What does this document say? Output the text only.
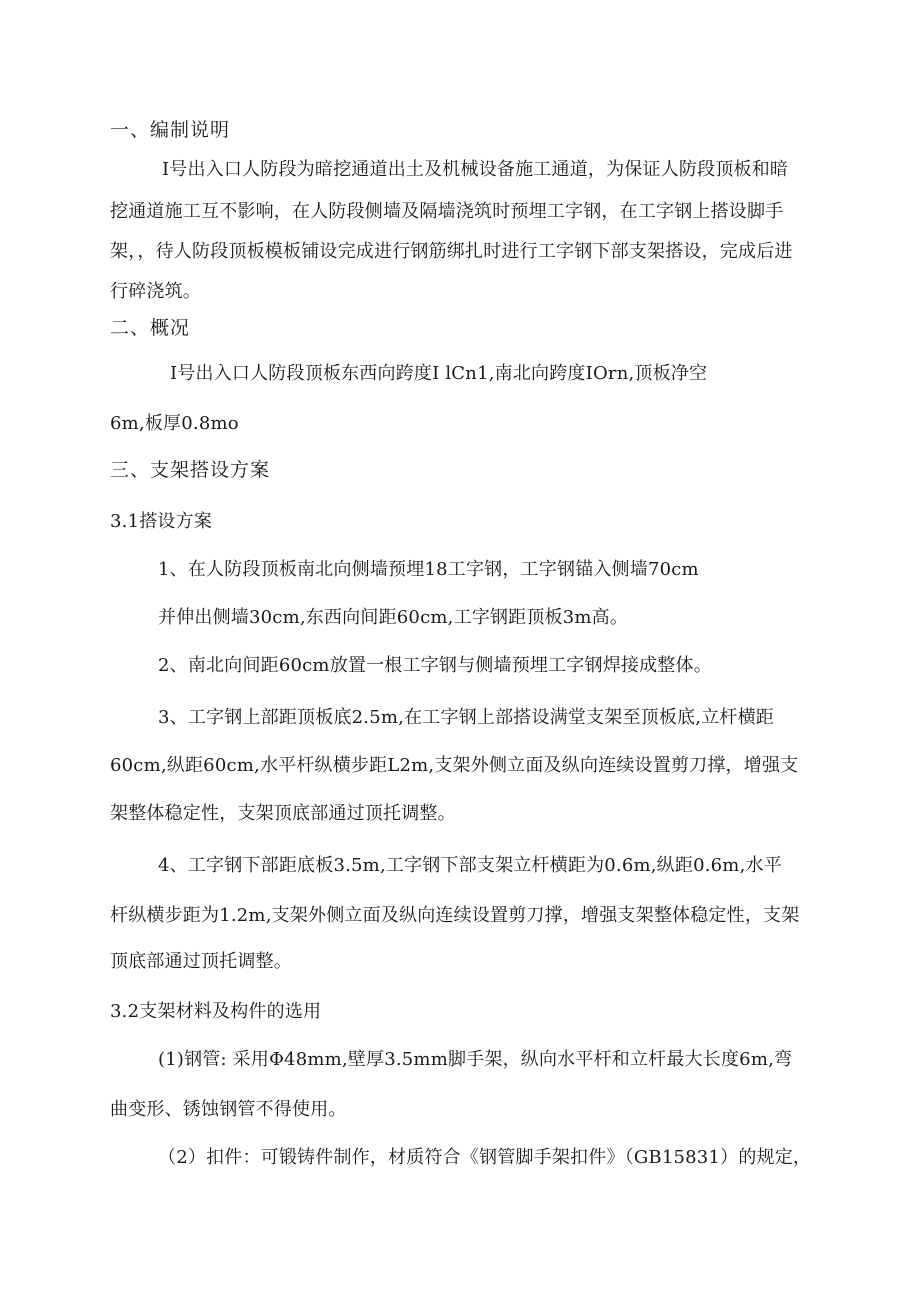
一、编制说明
Ⅰ号出入口人防段为暗挖通道出土及机械设备施工通道，为保证人防段顶板和暗
挖通道施工互不影响，在人防段侧墙及隔墙浇筑时预埋工字钢，在工字钢上搭设脚手
架，，待人防段顶板模板铺设完成进行钢筋绑扎时进行工字钢下部支架搭设，完成后进
行碎浇筑。
二、概况
Ⅰ号出入口人防段顶板东西向跨度I lCn1,南北向跨度IOrn,顶板净空
6m,板厚0.8mo
三、支架搭设方案
3.1搭设方案
1、在人防段顶板南北向侧墙预埋18工字钢，工字钢锚入侧墙70cm
并伸出侧墙30cm,东西向间距60cm,工字钢距顶板3m高。
2、南北向间距60cm放置一根工字钢与侧墙预埋工字钢焊接成整体。
3、工字钢上部距顶板底2.5m,在工字钢上部搭设满堂支架至顶板底,立杆横距
60cm,纵距60cm,水平杆纵横步距L2m,支架外侧立面及纵向连续设置剪刀撑，增强支
架整体稳定性，支架顶底部通过顶托调整。
4、工字钢下部距底板3.5m,工字钢下部支架立杆横距为0.6m,纵距0.6m,水平
杆纵横步距为1.2m,支架外侧立面及纵向连续设置剪刀撑，增强支架整体稳定性，支架
顶底部通过顶托调整。
3.2支架材料及构件的选用
(1)钢管: 采用Φ48mm,壁厚3.5mm脚手架，纵向水平杆和立杆最大长度6m,弯
曲变形、锈蚀钢管不得使用。
（2）扣件：可锻铸件制作，材质符合《钢管脚手架扣件》（GB15831）的规定，
